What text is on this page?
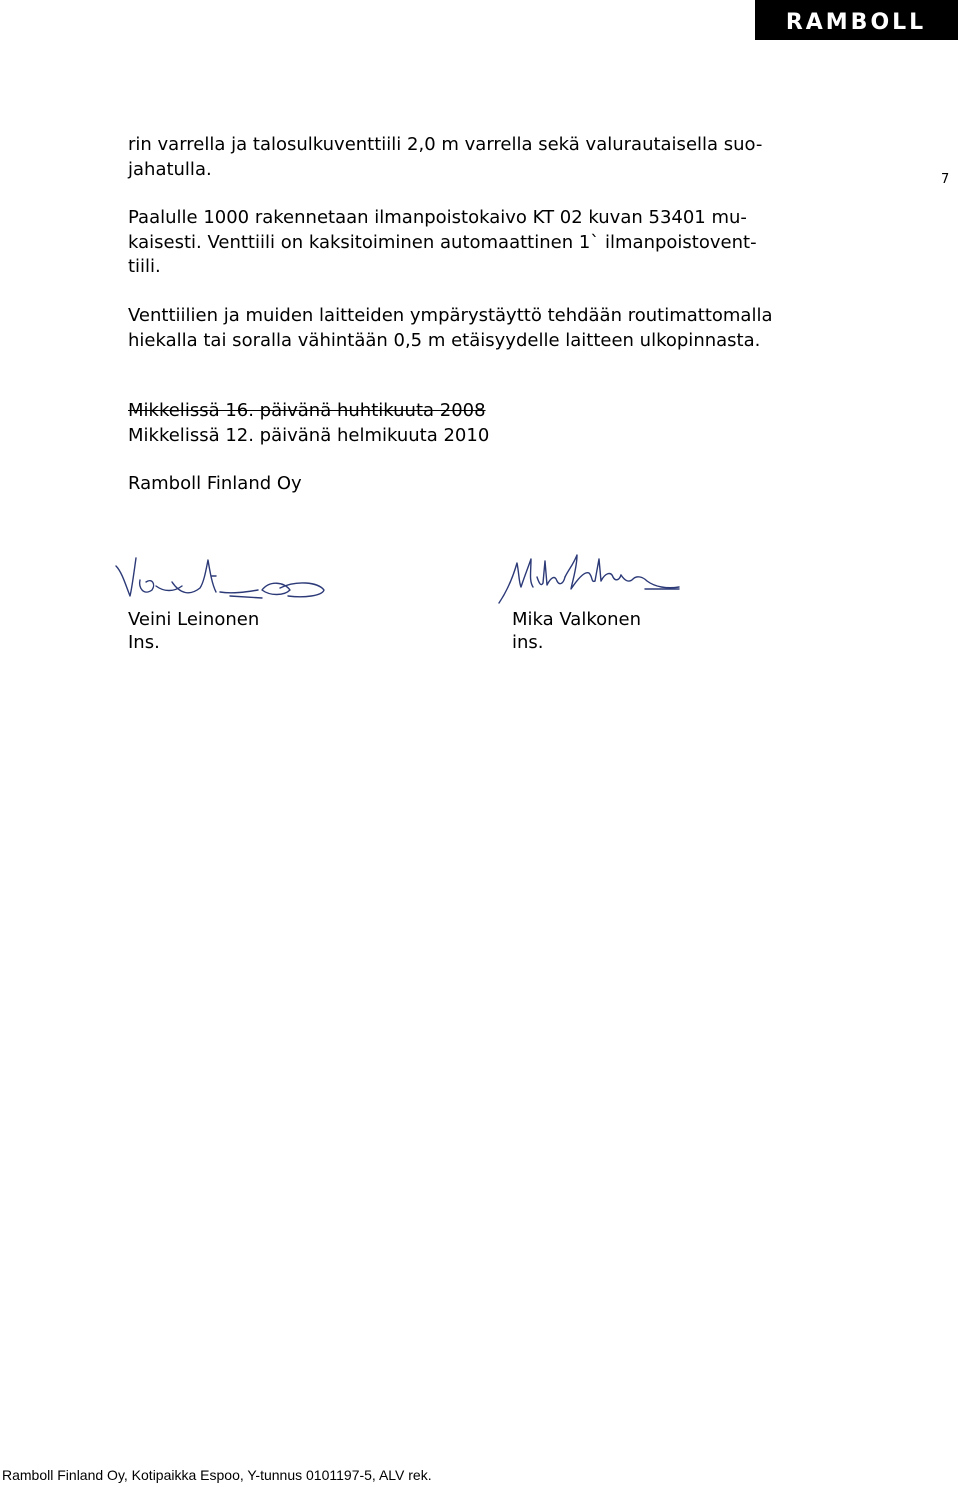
RAMBOLL
7
rin varrella ja talosulkuventtiili 2,0 m varrella sekä valurautaisella suo-
jahatulla.
Paalulle 1000 rakennetaan ilmanpoistokaivo KT 02 kuvan 53401 mu-
kaisesti. Venttiili on kaksitoiminen automaattinen 1` ilmanpoistovent-
tiili.
Venttiilien ja muiden laitteiden ympärystäyttö tehdään routimattomalla
hiekalla tai soralla vähintään 0,5 m etäisyydelle laitteen ulkopinnasta.
Mikkelissä 16. päivänä huhtikuuta 2008
Mikkelissä 12. päivänä helmikuuta 2010
Ramboll Finland Oy
Veini Leinonen
Ins.
Mika Valkonen
ins.
Ramboll Finland Oy, Kotipaikka Espoo, Y-tunnus 0101197-5, ALV rek.
